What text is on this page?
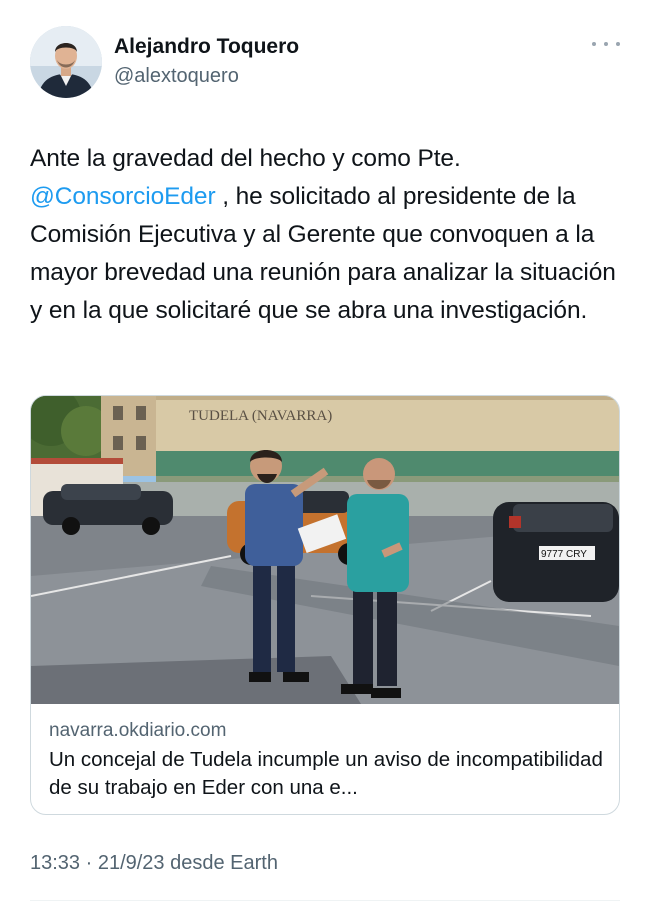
Alejandro Toquero
@alextoquero
Ante la gravedad del hecho y como Pte.
@ConsorcioEder , he solicitado al presidente de la Comisión Ejecutiva y al Gerente que convoquen a la mayor brevedad una reunión para analizar la situación y en la que solicitaré que se abra una investigación.
TUDELA (NAVARRA)
9777 CRY
navarra.okdiario.com
Un concejal de Tudela incumple un aviso de incompatibilidad de su trabajo en Eder con una e...
13:33 · 21/9/23 desde Earth
